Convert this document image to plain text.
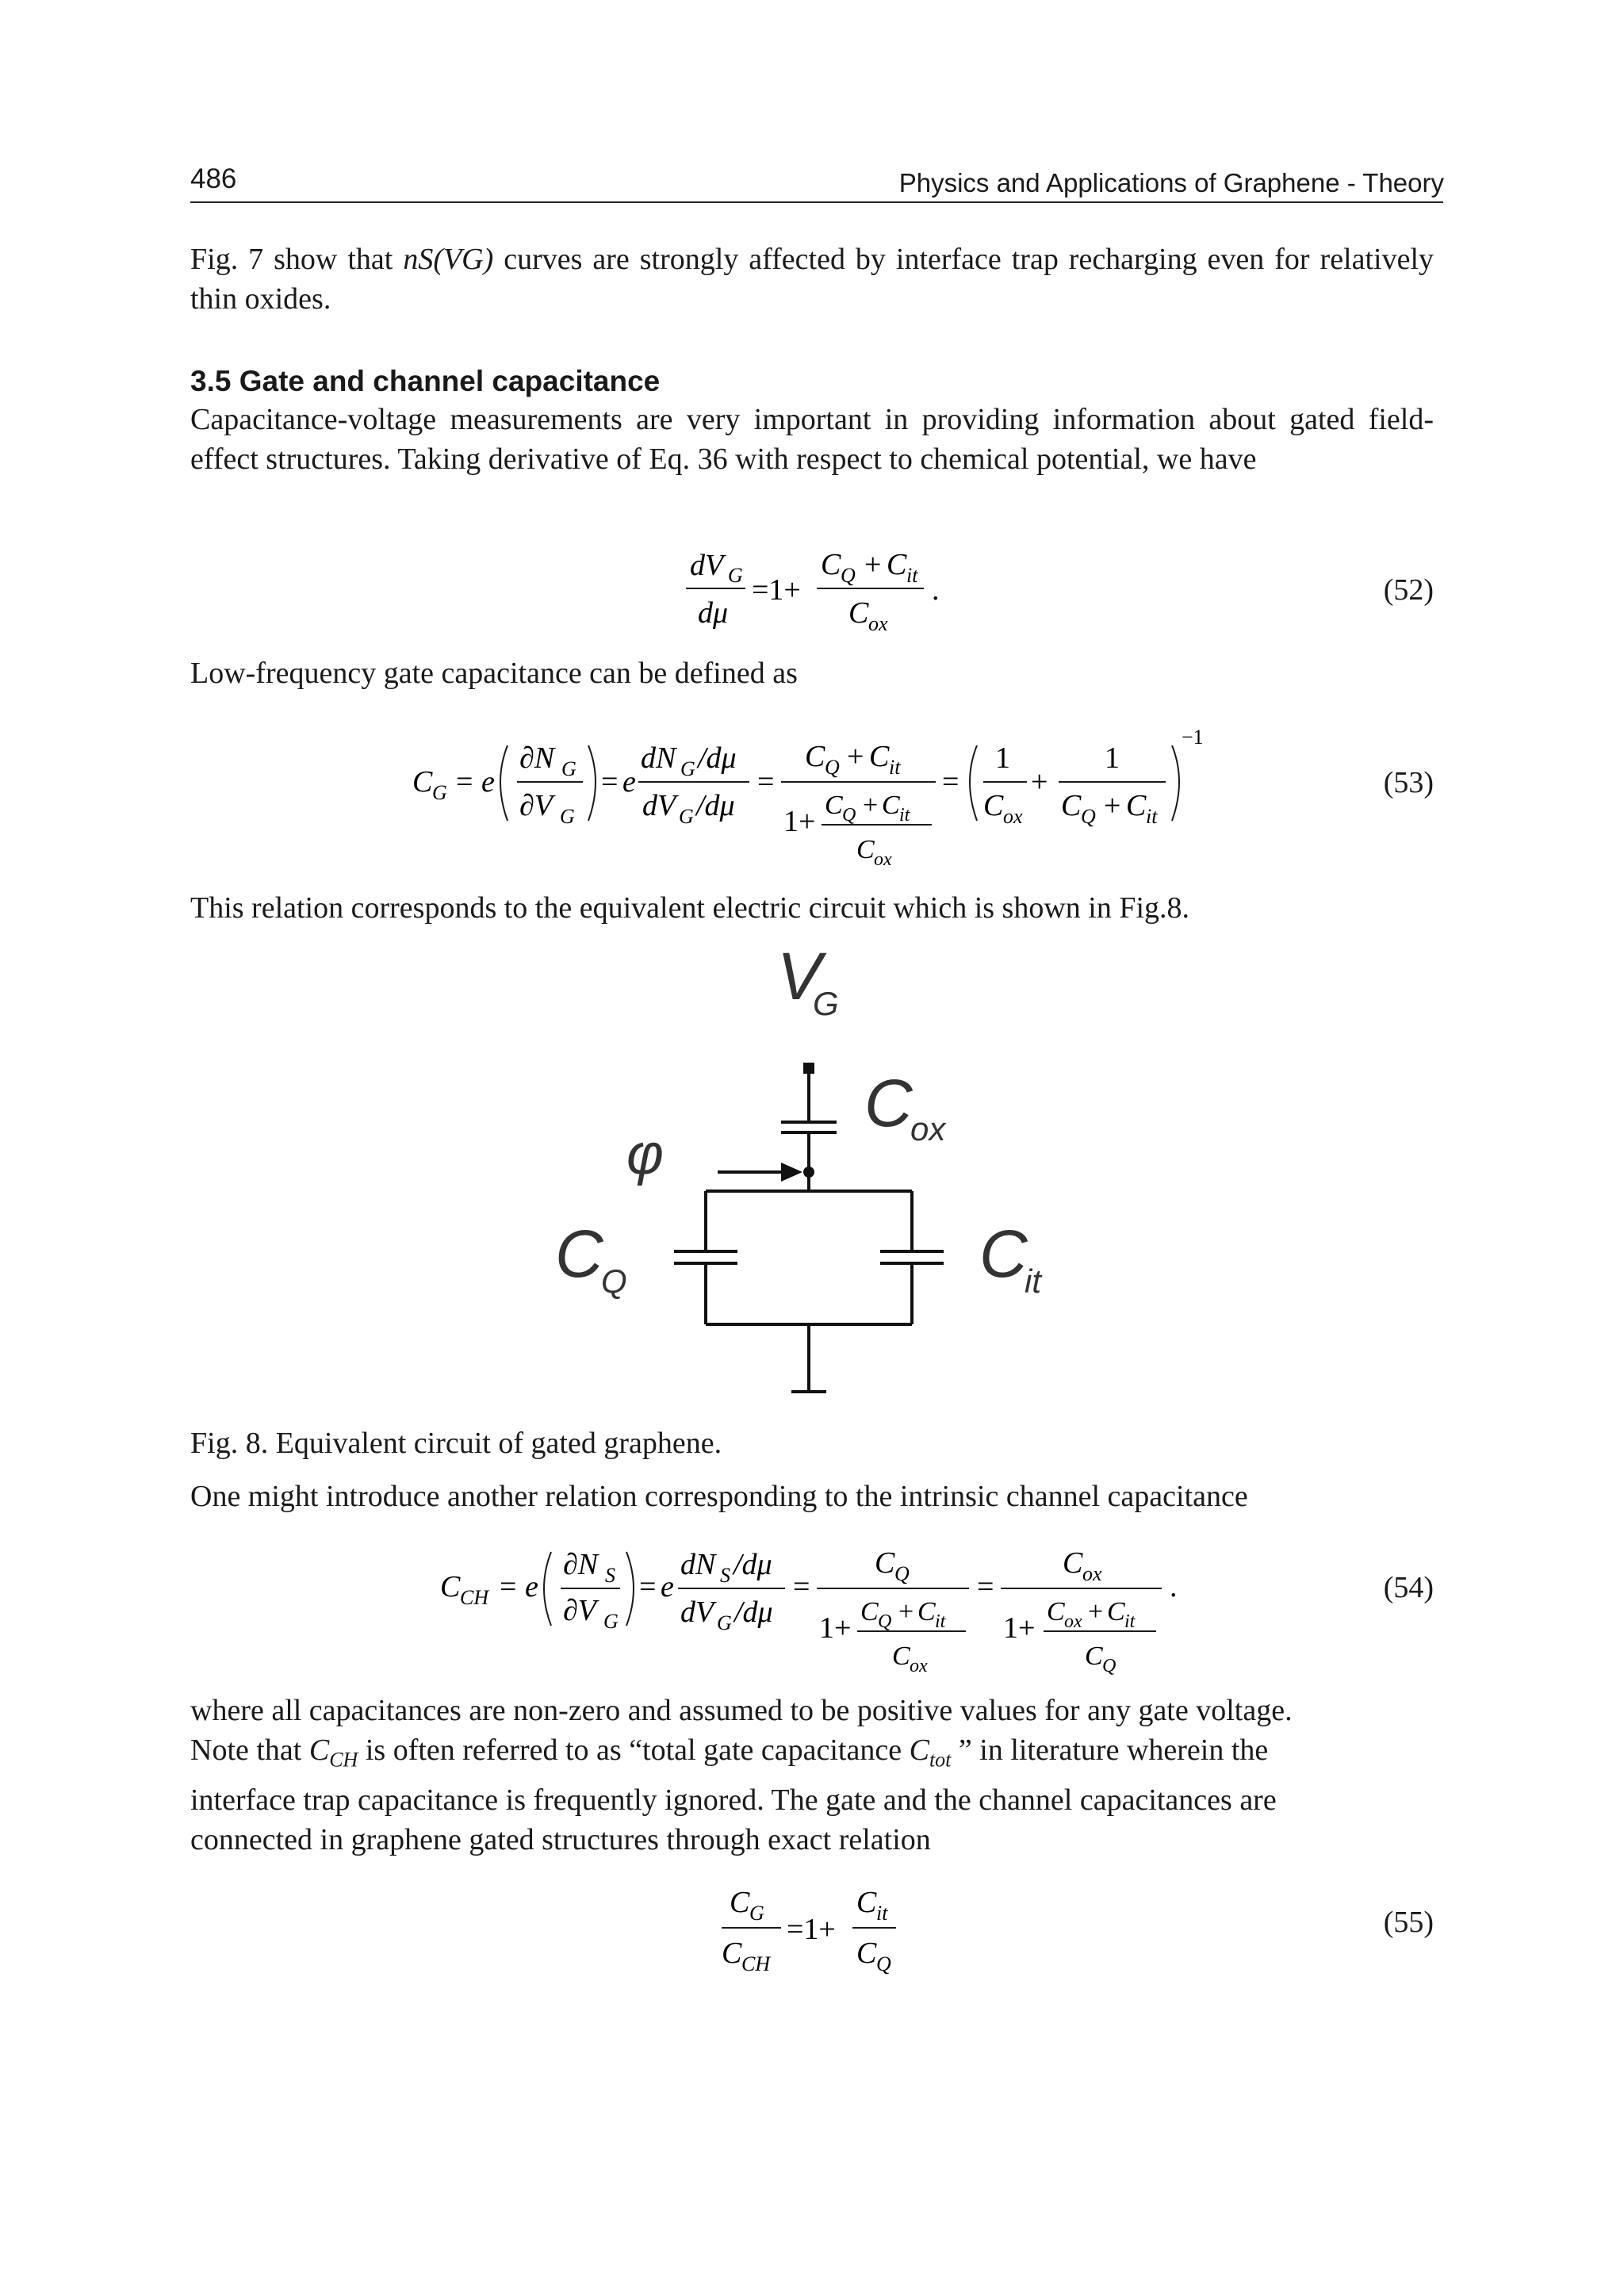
486	Physics and Applications of Graphene - Theory
Fig. 7 show that nS(VG) curves are strongly affected by interface trap recharging even for relatively thin oxides.
3.5 Gate and channel capacitance
Capacitance-voltage measurements are very important in providing information about gated field-effect structures. Taking derivative of Eq. 36 with respect to chemical potential, we have
dV G
dμ
=1+
C Q + C it
C ox
.	(52)
Low-frequency gate capacitance can be defined as
C G = e
∂N G
∂V G
= e
dN G /dμ
dV G /dμ
=
C Q + C it
1+ C Q + C it
C ox
=
1
C ox
+
1
C Q + C it
−1
(53)
This relation corresponds to the equivalent electric circuit which is shown in Fig.8.
V
G
C
ox
φ
C
Q	C
it
Fig. 8. Equivalent circuit of gated graphene.
One might introduce another relation corresponding to the intrinsic channel capacitance
C CH = e
∂N S
∂V G
= e
dN S /dμ
dV G /dμ
=
C Q
1+ C Q + C it
C ox
=
C ox
1+ C ox + C it
C Q
.	(54)
where all capacitances are non-zero and assumed to be positive values for any gate voltage.
Note that $C_{CH}$ is often referred to as “total gate capacitance $C_{tot}$ ” in literature wherein the
interface trap capacitance is frequently ignored. The gate and the channel capacitances are
connected in graphene gated structures through exact relation
C G
C CH
=1+
C it
C Q
(55)
